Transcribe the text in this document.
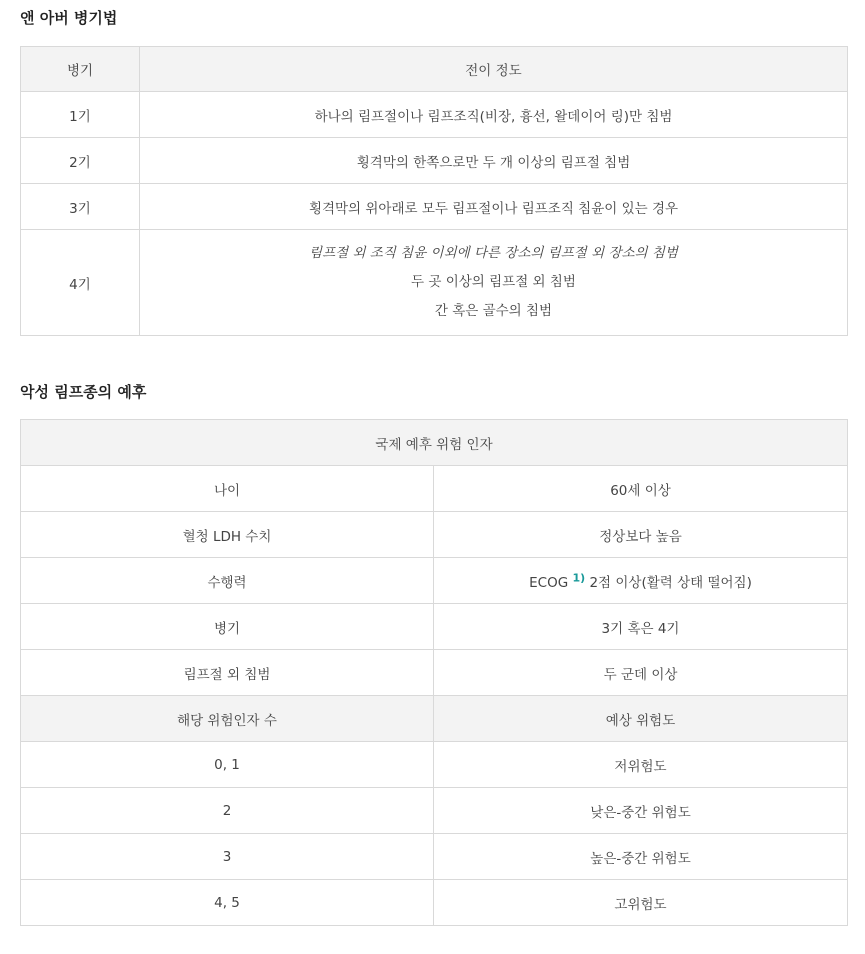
앤 아버 병기법
병기	전이 정도
1기	하나의 림프절이나 림프조직(비장, 흉선, 왈데이어 링)만 침범
2기	횡격막의 한쪽으로만 두 개 이상의 림프절 침범
3기	횡격막의 위아래로 모두 림프절이나 림프조직 침윤이 있는 경우
4기	림프절 외 조직 침윤 이외에 다른 장소의 림프절 외 장소의 침범
두 곳 이상의 림프절 외 침범
간 혹은 골수의 침범
악성 림프종의 예후
국제 예후 위험 인자	
나이	60세 이상
혈청 LDH 수치	정상보다 높음
수행력	ECOG $^{1)}$ 2점 이상(활력 상태 떨어짐)
병기	3기 혹은 4기
림프절 외 침범	두 군데 이상
해당 위험인자 수	예상 위험도
0, 1	저위험도
2	낮은-중간 위험도
3	높은-중간 위험도
4, 5	고위험도
